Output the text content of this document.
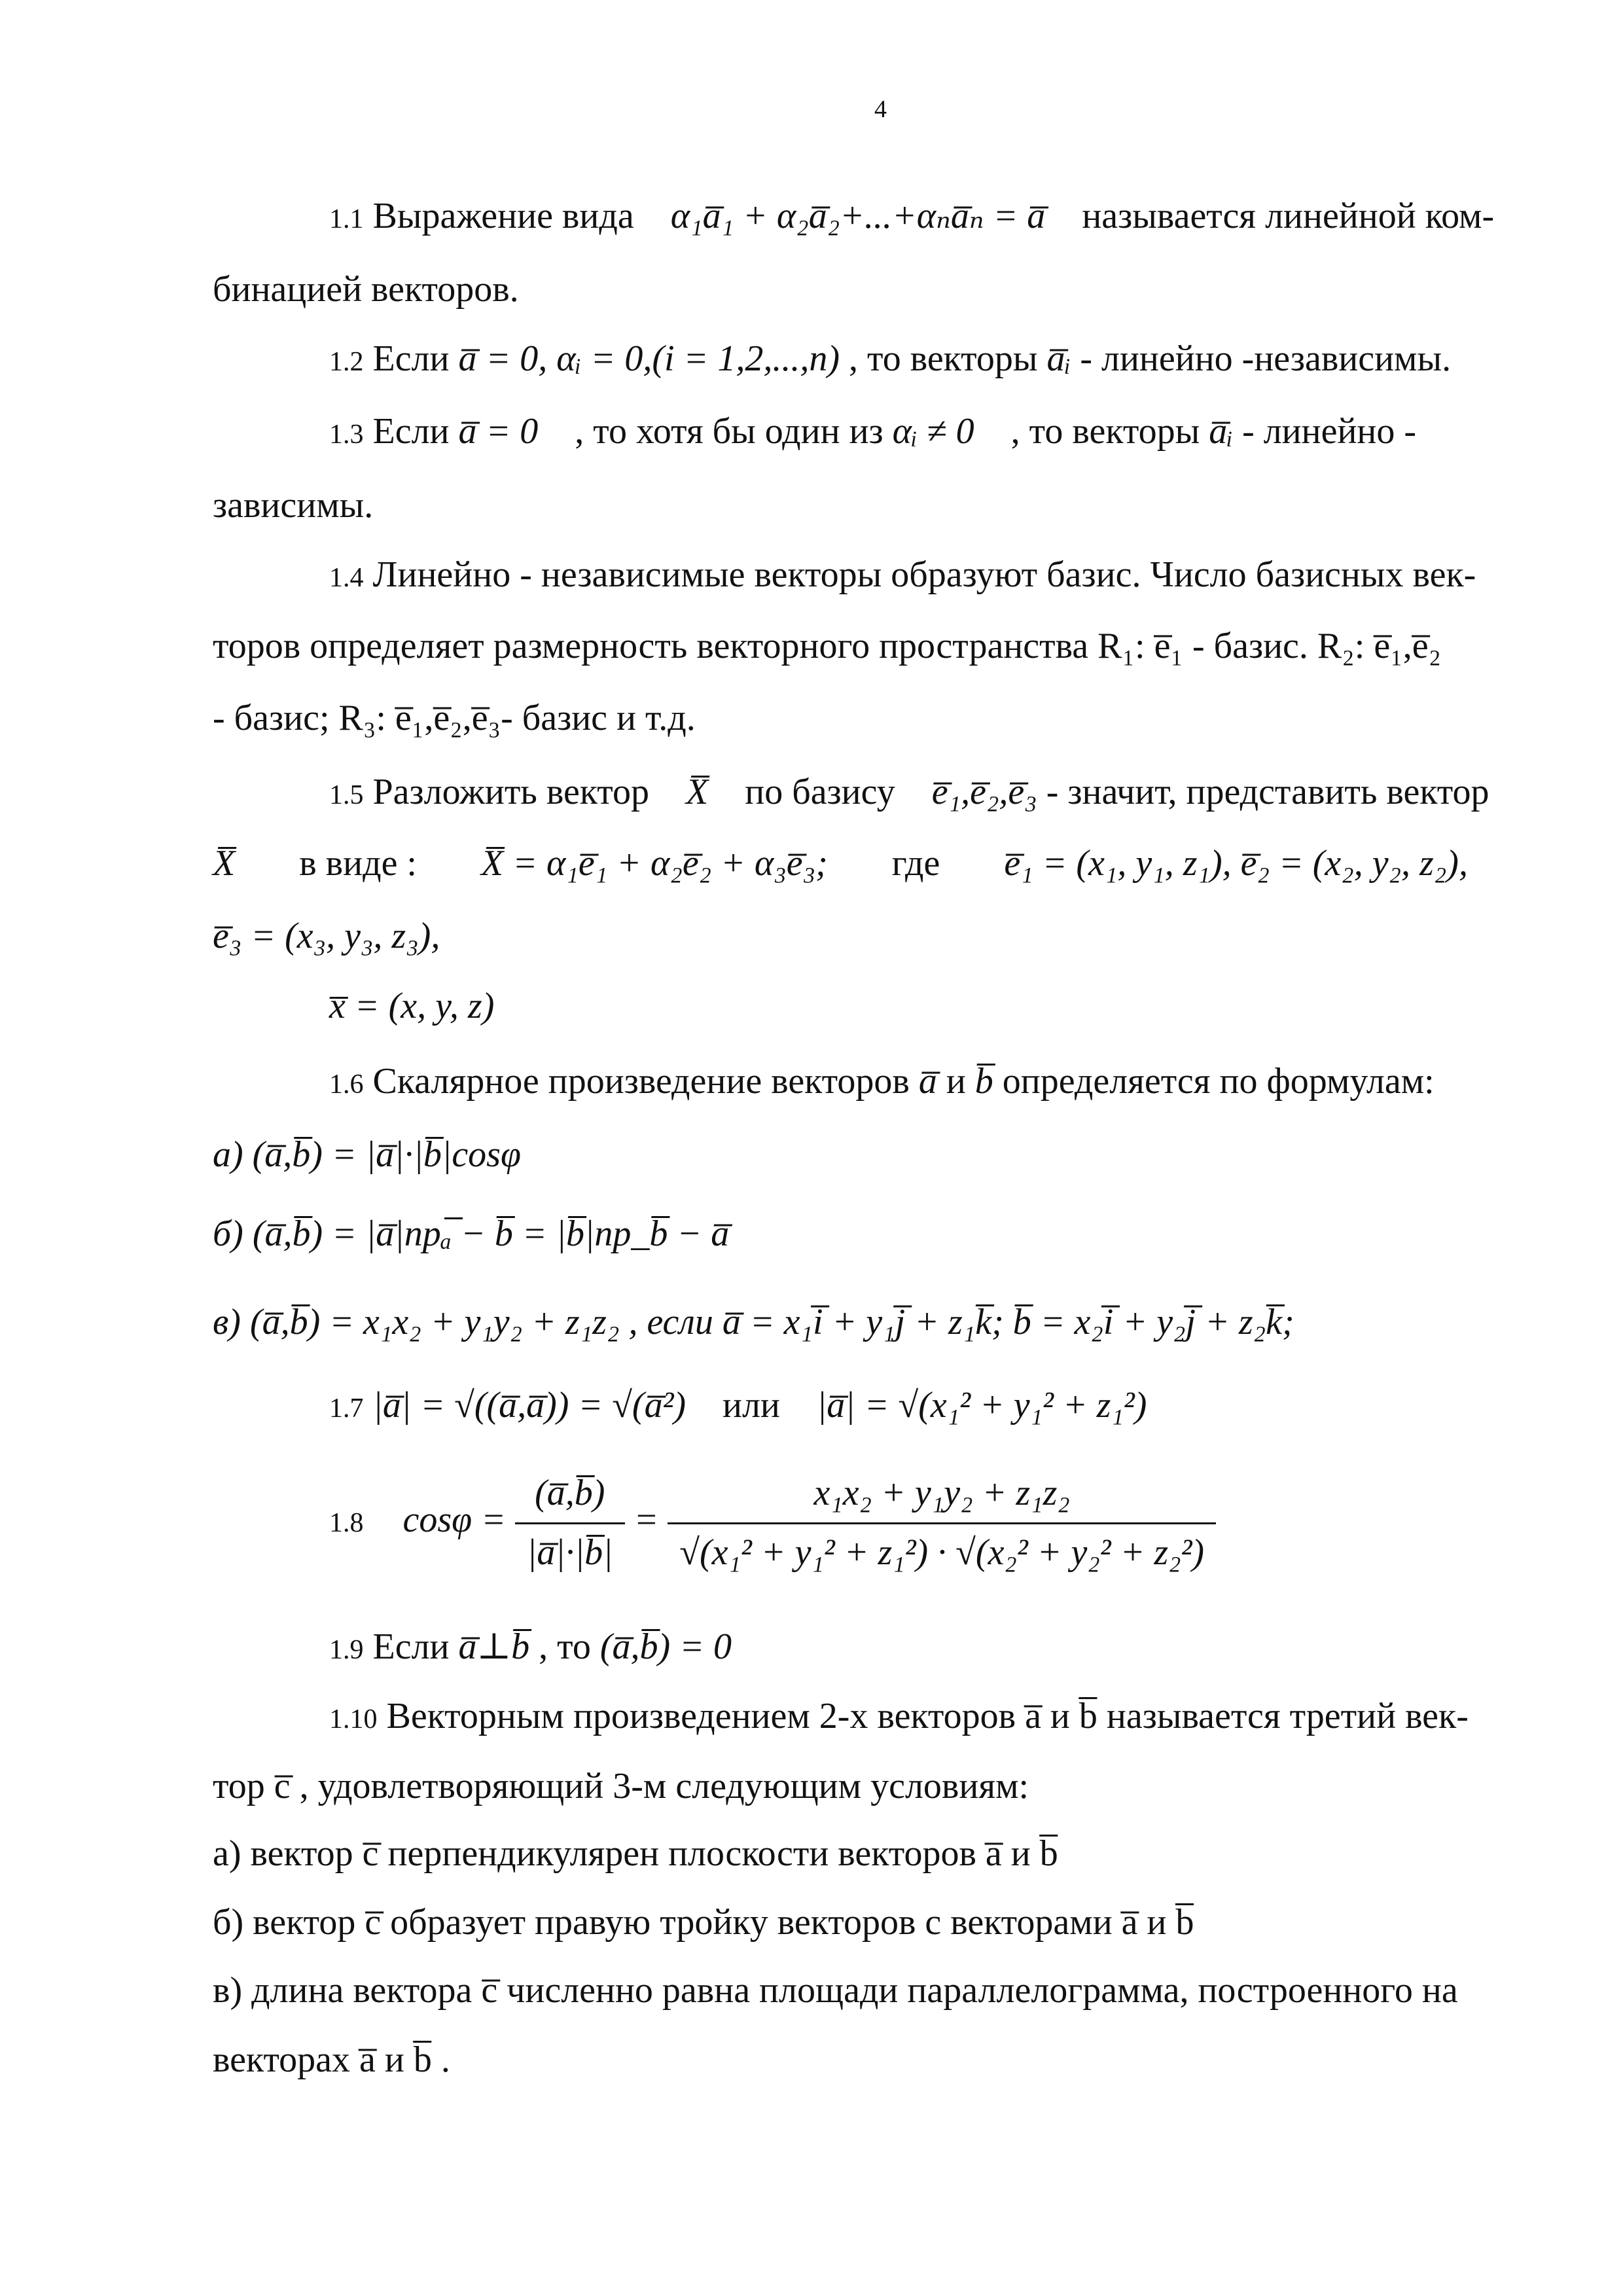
4
1.1 Выражение вида α₁a̅₁ + α₂a̅₂+...+αₙa̅ₙ = a̅ называется линейной ком-
бинацией векторов.
1.2 Если a̅ = 0, αᵢ = 0,(i = 1,2,...,n) , то векторы a̅ᵢ - линейно -независимы.
1.3 Если a̅ = 0 , то хотя бы один из αᵢ ≠ 0 , то векторы a̅ᵢ - линейно -
зависимы.
1.4 Линейно - независимые векторы образуют базис. Число базисных век-
торов определяет размерность векторного пространства R₁: e̅₁ - базис. R₂: e̅₁,e̅₂
- базис; R₃: e̅₁,e̅₂,e̅₃- базис и т.д.
1.5 Разложить вектор X̅ по базису e̅₁,e̅₂,e̅₃ - значит, представить вектор
X̅ в виде : X̅ = α₁e̅₁ + α₂e̅₂ + α₃e̅₃; где e̅₁ = (x₁, y₁, z₁), e̅₂ = (x₂, y₂, z₂),
e̅₃ = (x₃, y₃, z₃),
x̅ = (x, y, z)
1.6 Скалярное произведение векторов a̅ и b̅ определяется по формулам:
а) (a̅,b̅) = |a̅|·|b̅|cosφ
б) (a̅,b̅) = |a̅|npₐ̅ − b̅ = |b̅|np_b̅ − a̅
в) (a̅,b̅) = x₁x₂ + y₁y₂ + z₁z₂ , если a̅ = x₁i̅ + y₁j̅ + z₁k̅; b̅ = x₂i̅ + y₂j̅ + z₂k̅;
1.7 |a̅| = √((a̅,a̅)) = √(a̅²) или |a̅| = √(x₁² + y₁² + z₁²)
1.8 $\cos\varphi = \frac{(a̅,b̅)}{|a̅|\cdot|b̅|} = \frac{\text{x₁x₂ + y₁y₂ + z₁z₂}}{\text{√(x₁² + y₁² + z₁²) · √(x₂² + y₂² + z₂²)}}$
1.9 Если a̅⊥b̅ , то (a̅,b̅) = 0
1.10 Векторным произведением 2-х векторов a̅ и b̅ называется третий век-
тор c̅ , удовлетворяющий 3-м следующим условиям:
а) вектор c̅ перпендикулярен плоскости векторов a̅ и b̅
б) вектор c̅ образует правую тройку векторов с векторами a̅ и b̅
в) длина вектора c̅ численно равна площади параллелограмма, построенного на
векторах a̅ и b̅ .
